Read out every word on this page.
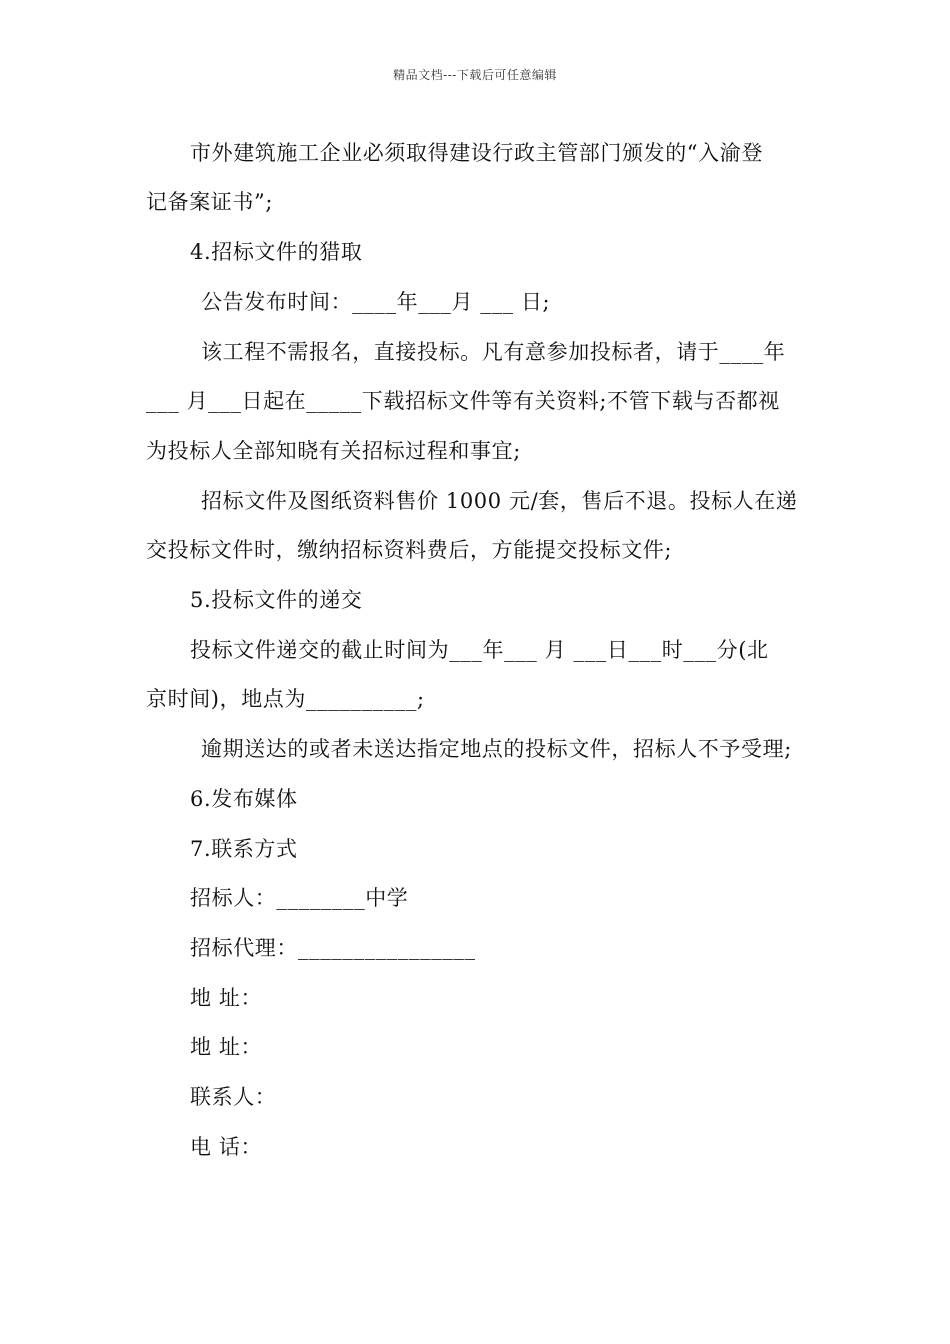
精品文档---下载后可任意编辑
市外建筑施工企业必须取得建设行政主管部门颁发的“入渝登
记备案证书”;
4.招标文件的猎取
公告发布时间：____年___月 ___ 日;
该工程不需报名，直接投标。凡有意参加投标者，请于____年
___ 月___日起在_____下载招标文件等有关资料;不管下载与否都视
为投标人全部知晓有关招标过程和事宜;
招标文件及图纸资料售价 1000 元/套，售后不退。投标人在递
交投标文件时，缴纳招标资料费后，方能提交投标文件;
5.投标文件的递交
投标文件递交的截止时间为___年___ 月 ___日___时___分(北
京时间)，地点为__________;
逾期送达的或者未送达指定地点的投标文件，招标人不予受理;
6.发布媒体
7.联系方式
招标人：________中学
招标代理：________________
地 址：
地 址：
联系人：
电 话：
